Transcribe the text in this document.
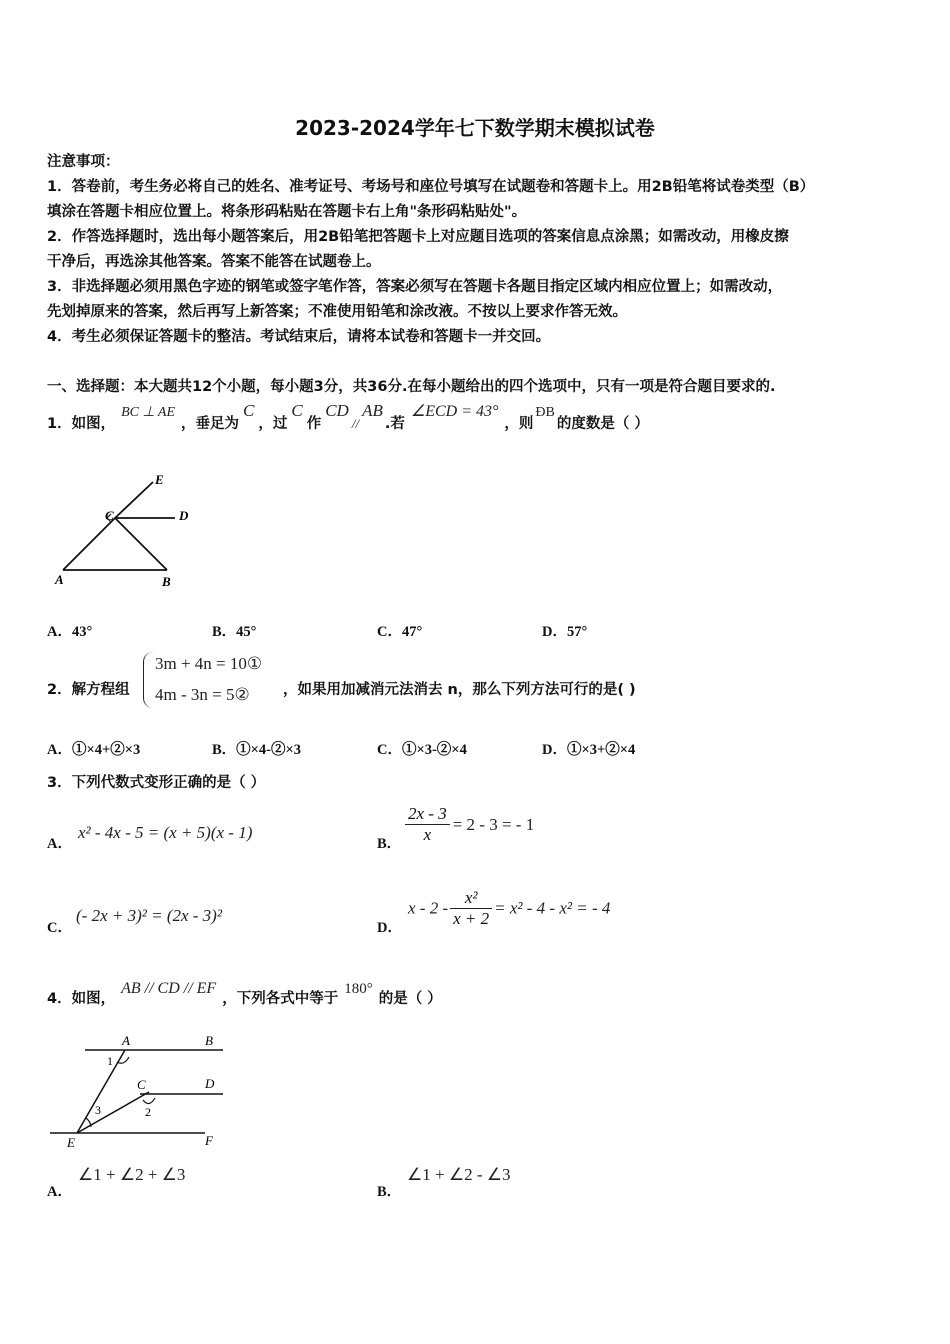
2023-2024学年七下数学期末模拟试卷
注意事项：
1．答卷前，考生务必将自己的姓名、准考证号、考场号和座位号填写在试题卷和答题卡上。用2B铅笔将试卷类型（B）
填涂在答题卡相应位置上。将条形码粘贴在答题卡右上角"条形码粘贴处"。
2．作答选择题时，选出每小题答案后，用2B铅笔把答题卡上对应题目选项的答案信息点涂黑；如需改动，用橡皮擦
干净后，再选涂其他答案。答案不能答在试题卷上。
3．非选择题必须用黑色字迹的钢笔或签字笔作答，答案必须写在答题卡各题目指定区域内相应位置上；如需改动，
先划掉原来的答案，然后再写上新答案；不准使用铅笔和涂改液。不按以上要求作答无效。
4．考生必须保证答题卡的整洁。考试结束后，请将本试卷和答题卡一并交回。
一、选择题：本大题共12个小题，每小题3分，共36分.在每小题给出的四个选项中，只有一项是符合题目要求的.
1．如图，BC ⊥ AE，垂足为C，过C作CD//AB.若∠ECD = 43°，则ÐB的度数是（ ）
E
C	D
A	B
A．43°	B．45°	C．47°	D．57°
2．解方程组
3m + 4n = 10①
4m - 3n = 5② ，如果用加减消元法消去 n，那么下列方法可行的是( )
A．①×4+②×3	B．①×4-②×3	C．①×3-②×4	D．①×3+②×4
3．下列代数式变形正确的是（ ）
A．
x² - 4x - 5 = (x + 5)(x - 1)
B． $\frac{2x - 3}{x} = 2 - 3$ = - 1
C．
(- 2x + 3)² = (2x - 3)²
D．
$x - 2 - \frac{\text{x²}}{x + 2} = x^2 - 4 - x^2$ = - 4
4．如图，AB // CD // EF，下列各式中等于180°的是（ ）
A	B
C	D
E	F
1
2
3
A．
∠1 + ∠2 + ∠3
B．
∠1 + ∠2 - ∠3
